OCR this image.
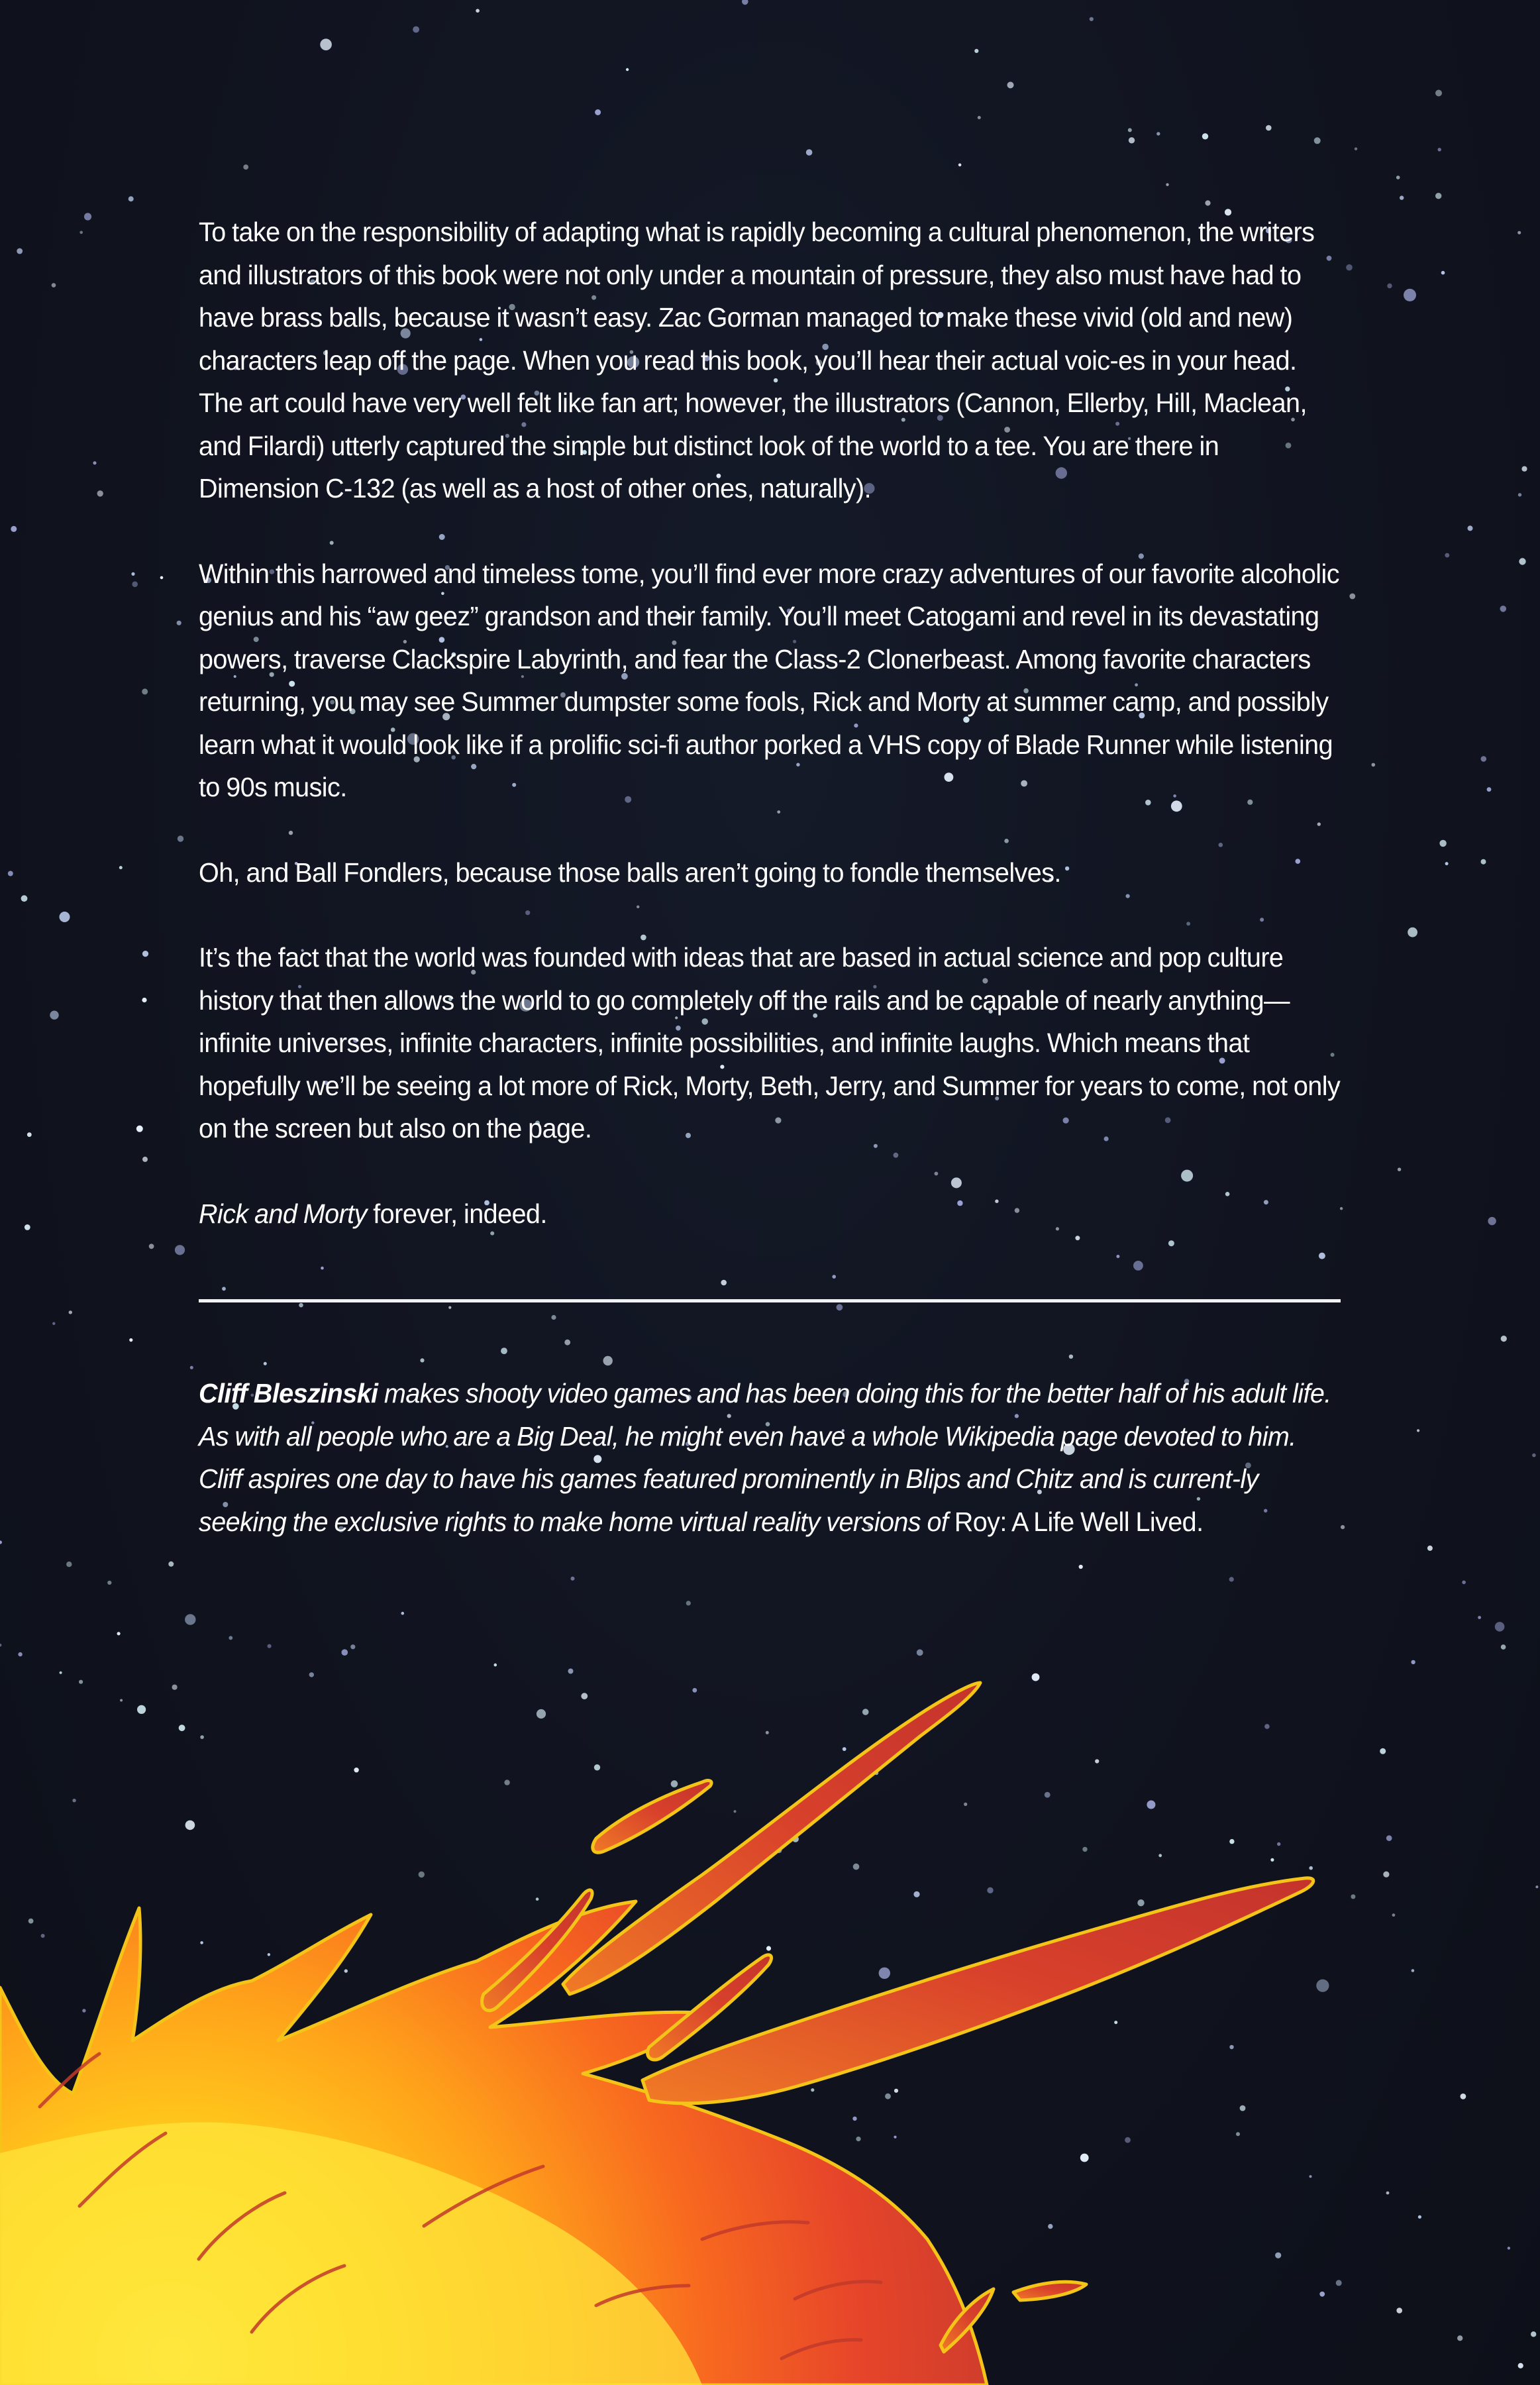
To take on the responsibility of adapting what is rapidly becoming a cultural phenomenon, the writers and illustrators of this book were not only under a mountain of pressure, they also must have had to have brass balls, because it wasn’t easy. Zac Gorman managed to make these vivid (old and new) characters leap off the page. When you read this book, you’ll hear their actual voic-es in your head. The art could have very well felt like fan art; however, the illustrators (Cannon, Ellerby, Hill, Maclean, and Filardi) utterly captured the simple but distinct look of the world to a tee. You are there in Dimension C-132 (as well as a host of other ones, naturally).

Within this harrowed and timeless tome, you’ll find ever more crazy adventures of our favorite alcoholic genius and his “aw geez” grandson and their family. You’ll meet Catogami and revel in its devastating powers, traverse Clackspire Labyrinth, and fear the Class-2 Clonerbeast. Among favorite characters returning, you may see Summer dumpster some fools, Rick and Morty at summer camp, and possibly learn what it would look like if a prolific sci-fi author porked a VHS copy of Blade Runner while listening to 90s music.

Oh, and Ball Fondlers, because those balls aren’t going to fondle themselves.

It’s the fact that the world was founded with ideas that are based in actual science and pop culture history that then allows the world to go completely off the rails and be capable of nearly anything—infinite universes, infinite characters, infinite possibilities, and infinite laughs. Which means that hopefully we’ll be seeing a lot more of Rick, Morty, Beth, Jerry, and Summer for years to come, not only on the screen but also on the page.

Rick and Morty forever, indeed.

Cliff Bleszinski makes shooty video games and has been doing this for the better half of his adult life. As with all people who are a Big Deal, he might even have a whole Wikipedia page devoted to him. Cliff aspires one day to have his games featured prominently in Blips and Chitz and is current-ly seeking the exclusive rights to make home virtual reality versions of Roy: A Life Well Lived.
